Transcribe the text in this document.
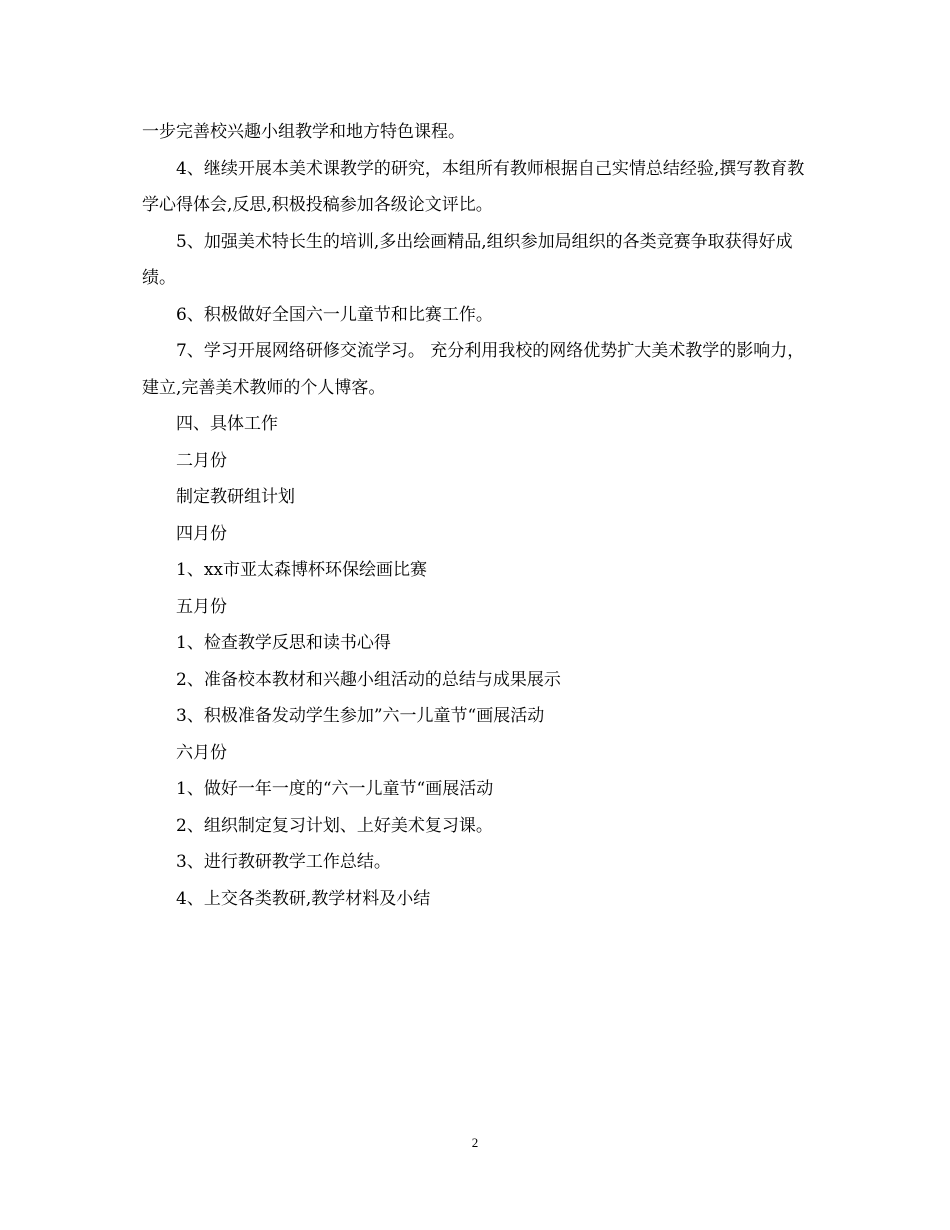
一步完善校兴趣小组教学和地方特色课程。

4、继续开展本美术课教学的研究，本组所有教师根据自己实情总结经验,撰写教育教学心得体会,反思,积极投稿参加各级论文评比。

5、加强美术特长生的培训,多出绘画精品,组织参加局组织的各类竞赛争取获得好成绩。

6、积极做好全国六一儿童节和比赛工作。

7、学习开展网络研修交流学习。 充分利用我校的网络优势扩大美术教学的影响力，建立,完善美术教师的个人博客。

四、具体工作

二月份

制定教研组计划

四月份

1、xx市亚太森博杯环保绘画比赛

五月份

1、检查教学反思和读书心得

2、准备校本教材和兴趣小组活动的总结与成果展示

3、积极准备发动学生参加”六一儿童节“画展活动

六月份

1、做好一年一度的“六一儿童节“画展活动

2、组织制定复习计划、上好美术复习课。

3、进行教研教学工作总结。

4、上交各类教研,教学材料及小结

2
